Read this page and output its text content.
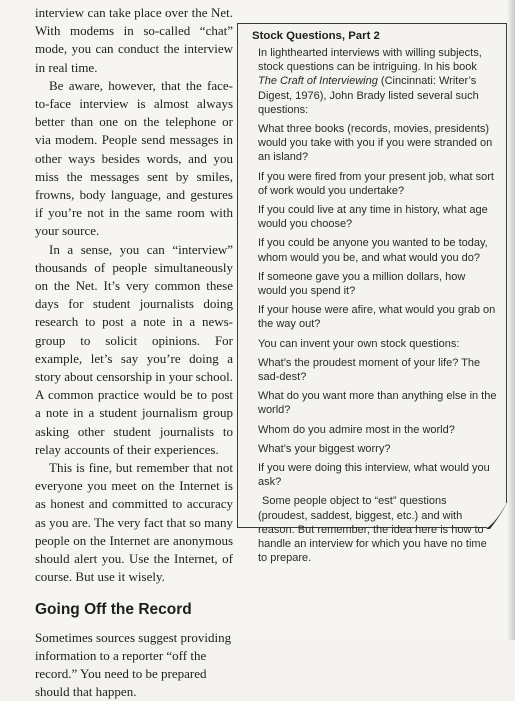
interview can take place over the Net. With modems in so-called “chat” mode, you can conduct the interview in real time.

Be aware, however, that the face-to-face interview is almost always better than one on the telephone or via modem. People send messages in other ways besides words, and you miss the messages sent by smiles, frowns, body language, and gestures if you’re not in the same room with your source.

In a sense, you can “interview” thousands of people simultaneously on the Net. It’s very common these days for student journalists doing research to post a note in a news-group to solicit opinions. For example, let’s say you’re doing a story about censorship in your school. A common practice would be to post a note in a student journalism group asking other student journalists to relay accounts of their experiences.

This is fine, but remember that not everyone you meet on the Internet is as honest and committed to accuracy as you are. The very fact that so many people on the Internet are anonymous should alert you. Use the Internet, of course. But use it wisely.

Going Off the Record

Sometimes sources suggest providing information to a reporter “off the record.” You need to be prepared should that happen.

Stock Questions, Part 2

In lighthearted interviews with willing subjects, stock questions can be intriguing. In his book The Craft of Interviewing (Cincinnati: Writer’s Digest, 1976), John Brady listed several such questions:

What three books (records, movies, presidents) would you take with you if you were stranded on an island?

If you were fired from your present job, what sort of work would you undertake?

If you could live at any time in history, what age would you choose?

If you could be anyone you wanted to be today, whom would you be, and what would you do?

If someone gave you a million dollars, how would you spend it?

If your house were afire, what would you grab on the way out?

You can invent your own stock questions:

What’s the proudest moment of your life? The sad-dest?

What do you want more than anything else in the world?

Whom do you admire most in the world?

What’s your biggest worry?

If you were doing this interview, what would you ask?

Some people object to “est” questions (proudest, saddest, biggest, etc.) and with reason. But remember, the idea here is how to handle an interview for which you have no time to prepare.
